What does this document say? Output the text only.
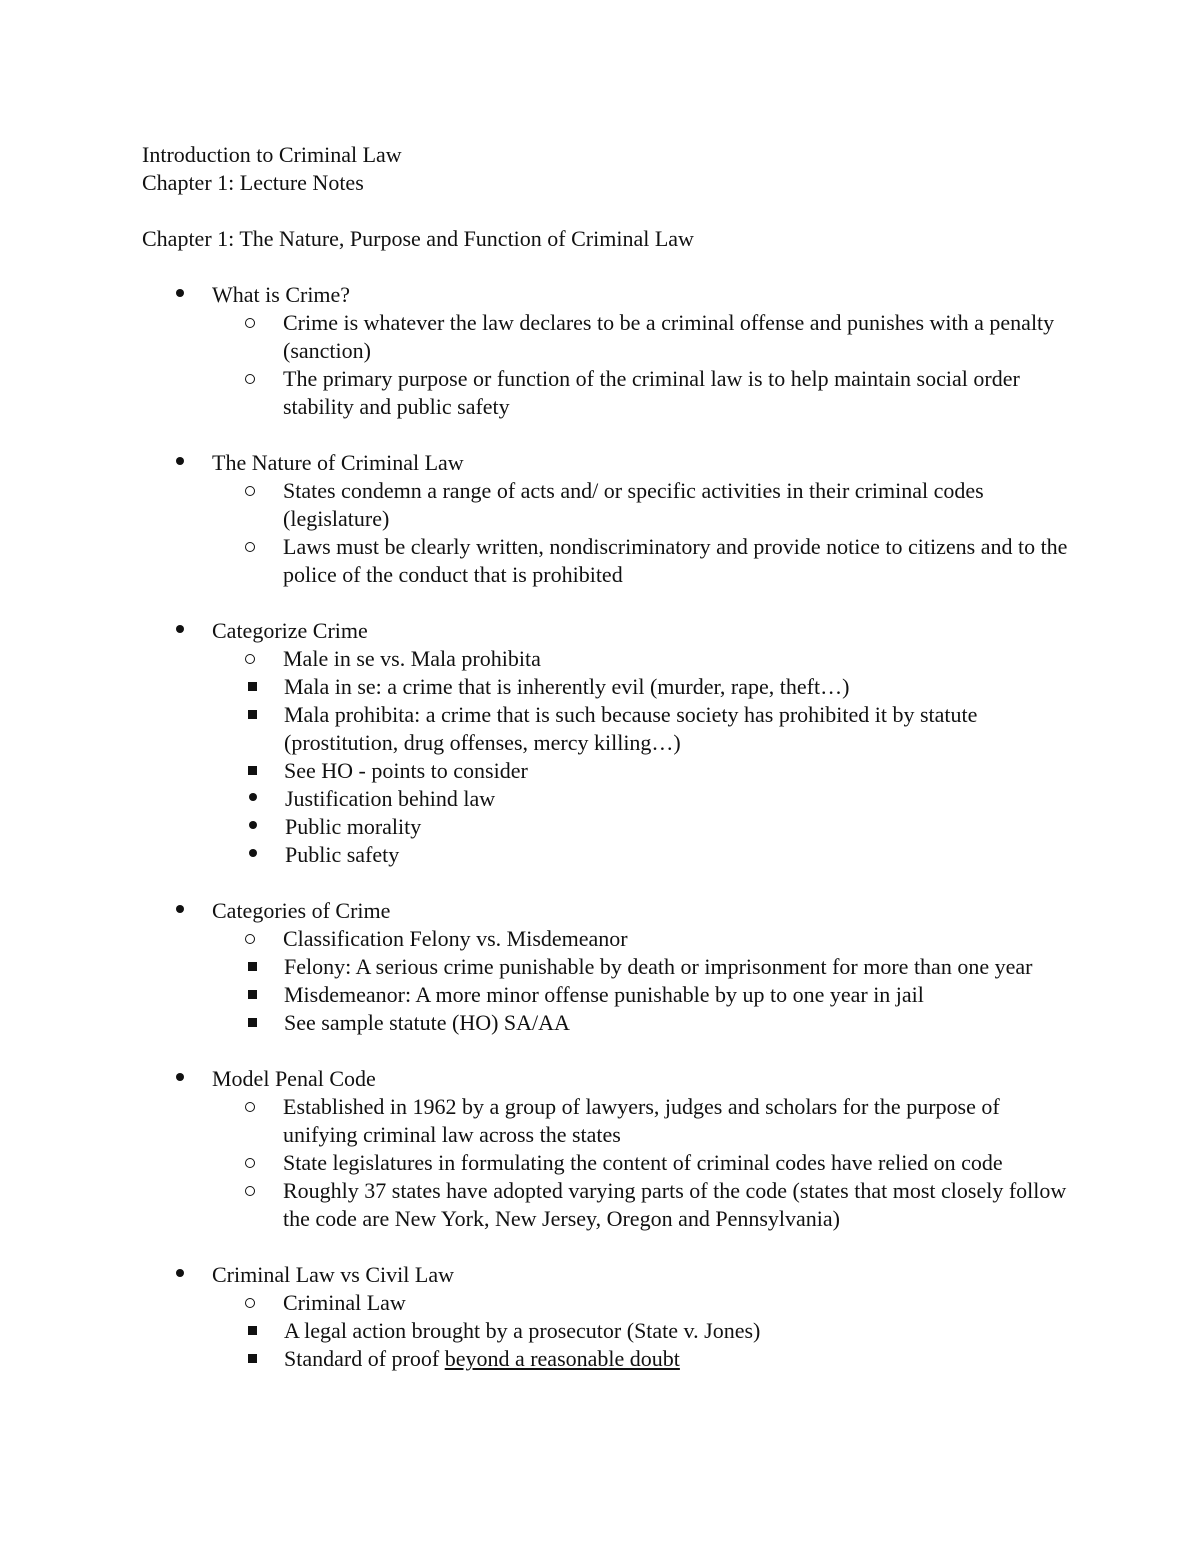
Introduction to Criminal Law

Chapter 1: Lecture Notes

Chapter 1: The Nature, Purpose and Function of Criminal Law

What is Crime?
Crime is whatever the law declares to be a criminal offense and punishes with a penalty (sanction)
The primary purpose or function of the criminal law is to help maintain social order stability and public safety
The Nature of Criminal Law
States condemn a range of acts and/ or specific activities in their criminal codes (legislature)
Laws must be clearly written, nondiscriminatory and provide notice to citizens and to the police of the conduct that is prohibited
Categorize Crime
Male in se vs. Mala prohibita
Mala in se: a crime that is inherently evil (murder, rape, theft…)
Mala prohibita: a crime that is such because society has prohibited it by statute (prostitution, drug offenses, mercy killing…)
See HO - points to consider
Justification behind law
Public morality
Public safety
Categories of Crime
Classification Felony vs. Misdemeanor
Felony: A serious crime punishable by death or imprisonment for more than one year
Misdemeanor: A more minor offense punishable by up to one year in jail
See sample statute (HO) SA/AA
Model Penal Code
Established in 1962 by a group of lawyers, judges and scholars for the purpose of unifying criminal law across the states
State legislatures in formulating the content of criminal codes have relied on code
Roughly 37 states have adopted varying parts of the code (states that most closely follow the code are New York, New Jersey, Oregon and Pennsylvania)
Criminal Law vs Civil Law
Criminal Law
A legal action brought by a prosecutor (State v. Jones)
Standard of proof beyond a reasonable doubt
